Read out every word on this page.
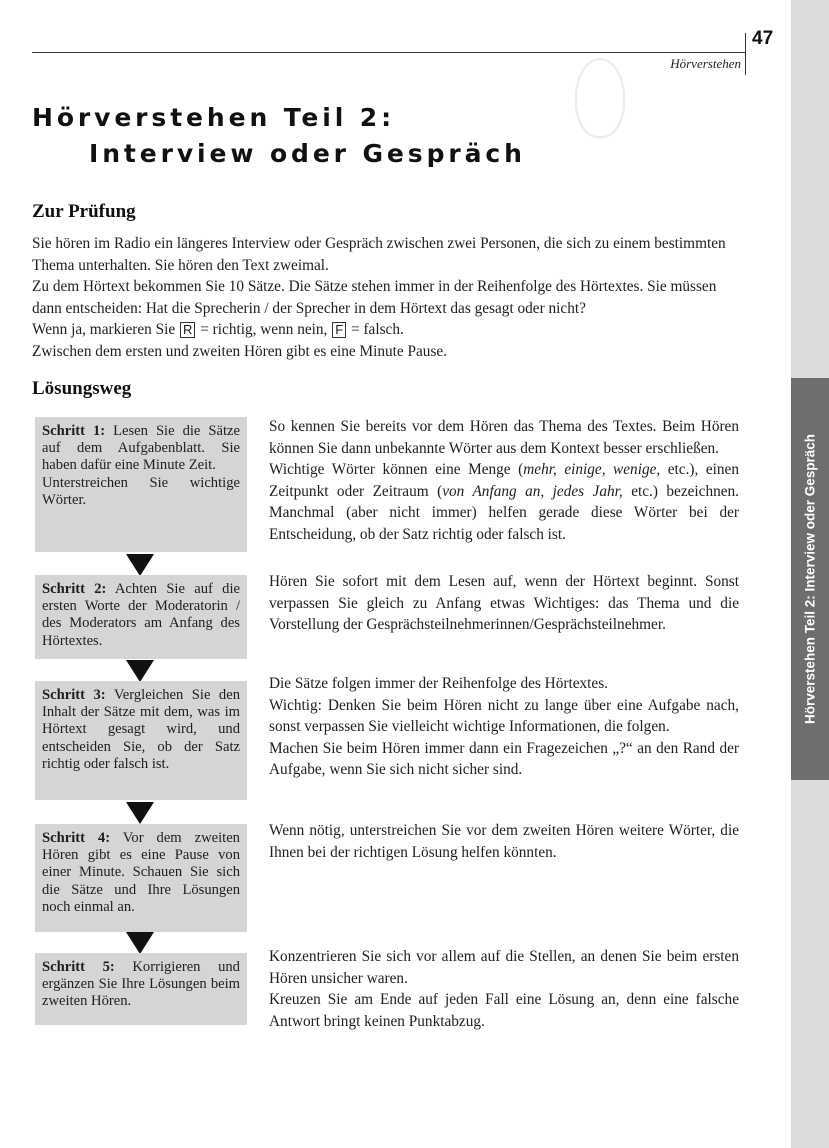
47
Hörverstehen
Hörverstehen Teil 2: Interview oder Gespräch
Hörverstehen Teil 2:
Interview oder Gespräch
Zur Prüfung

Sie hören im Radio ein längeres Interview oder Gespräch zwischen zwei Personen, die sich zu einem bestimmten Thema unterhalten. Sie hören den Text zweimal.

Zu dem Hörtext bekommen Sie 10 Sätze. Die Sätze stehen immer in der Reihenfolge des Hörtextes. Sie müssen dann entscheiden: Hat die Sprecherin / der Sprecher in dem Hörtext das gesagt oder nicht?

Wenn ja, markieren Sie R = richtig, wenn nein, F = falsch.

Zwischen dem ersten und zweiten Hören gibt es eine Minute Pause.

Lösungsweg
Schritt 1: Lesen Sie die Sätze auf dem Aufgabenblatt. Sie haben dafür eine Minute Zeit.
Unterstreichen Sie wichtige Wörter.
Schritt 2: Achten Sie auf die ersten Worte der Moderatorin / des Moderators am Anfang des Hörtextes.
Schritt 3: Vergleichen Sie den Inhalt der Sätze mit dem, was im Hörtext gesagt wird, und entscheiden Sie, ob der Satz richtig oder falsch ist.
Schritt 4: Vor dem zweiten Hören gibt es eine Pause von einer Minute. Schauen Sie sich die Sätze und Ihre Lösungen noch einmal an.
Schritt 5: Korrigieren und ergänzen Sie Ihre Lösungen beim zweiten Hören.

So kennen Sie bereits vor dem Hören das Thema des Textes. Beim Hören können Sie dann unbekannte Wörter aus dem Kontext besser erschließen.

Wichtige Wörter können eine Menge (mehr, einige, wenige, etc.), einen Zeitpunkt oder Zeitraum (von Anfang an, jedes Jahr, etc.) bezeichnen. Manchmal (aber nicht immer) helfen gerade diese Wörter bei der Entscheidung, ob der Satz richtig oder falsch ist.

Hören Sie sofort mit dem Lesen auf, wenn der Hörtext beginnt. Sonst verpassen Sie gleich zu Anfang etwas Wichtiges: das Thema und die Vorstellung der Gesprächsteilnehmerinnen/Gesprächsteilnehmer.

Die Sätze folgen immer der Reihenfolge des Hörtextes.

Wichtig: Denken Sie beim Hören nicht zu lange über eine Aufgabe nach, sonst verpassen Sie vielleicht wichtige Informationen, die folgen.

Machen Sie beim Hören immer dann ein Fragezeichen „?“ an den Rand der Aufgabe, wenn Sie sich nicht sicher sind.

Wenn nötig, unterstreichen Sie vor dem zweiten Hören weitere Wörter, die Ihnen bei der richtigen Lösung helfen könnten.

Konzentrieren Sie sich vor allem auf die Stellen, an denen Sie beim ersten Hören unsicher waren.

Kreuzen Sie am Ende auf jeden Fall eine Lösung an, denn eine falsche Antwort bringt keinen Punktabzug.
